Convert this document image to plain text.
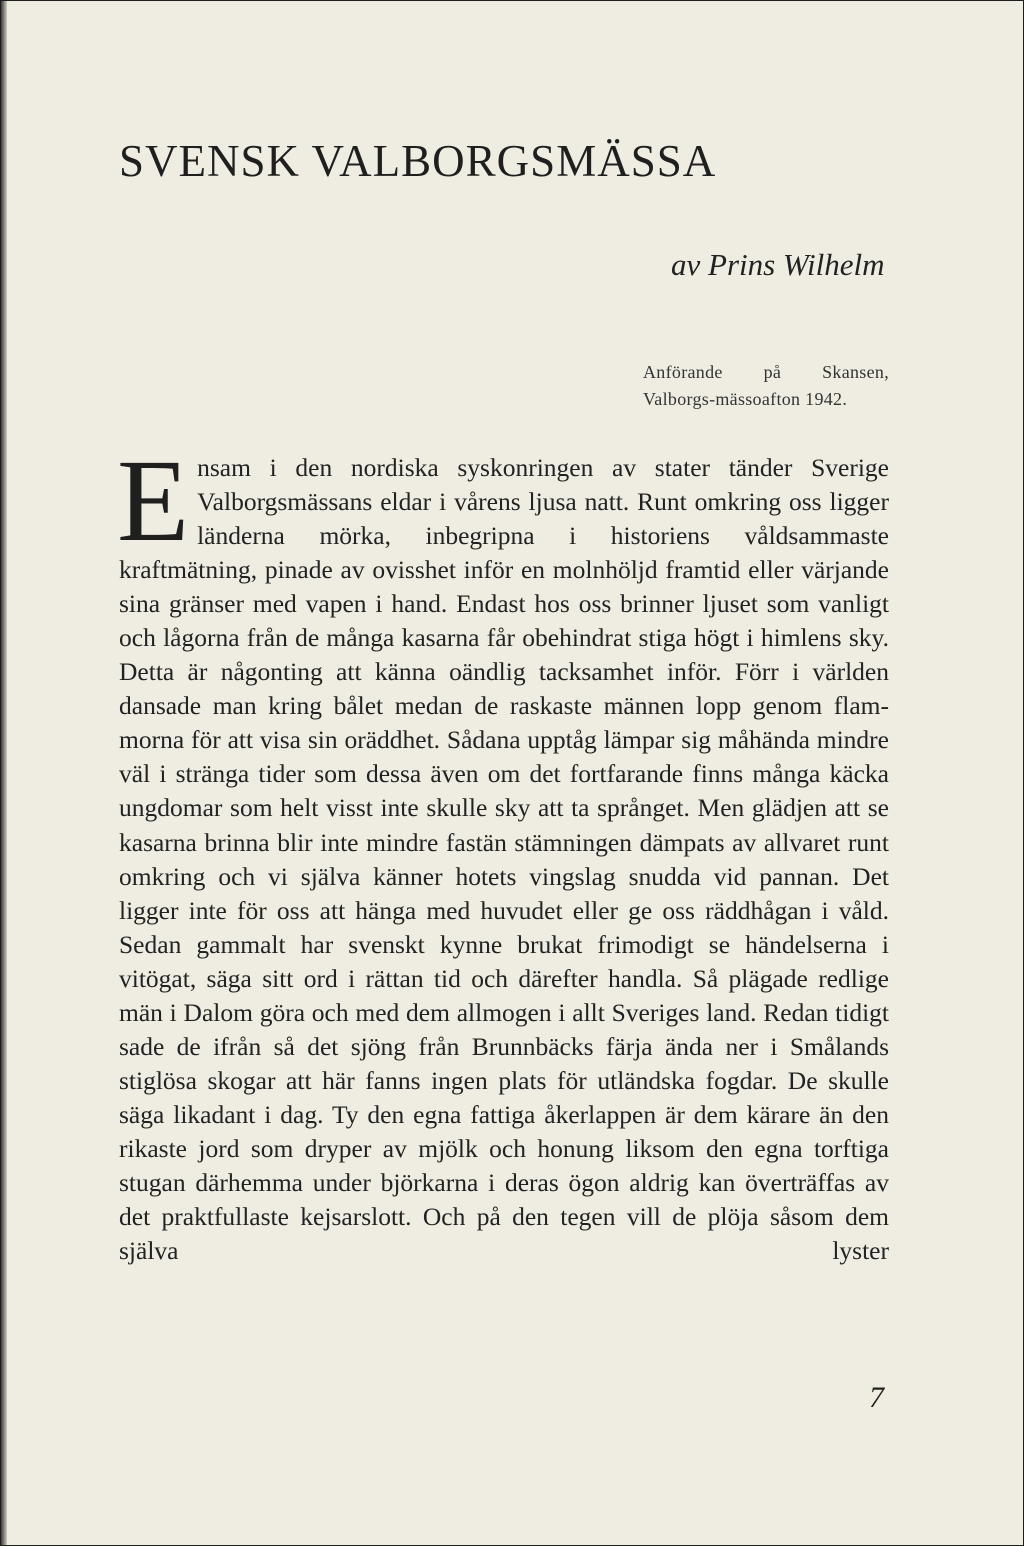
SVENSK VALBORGSMÄSSA
av Prins Wilhelm
Anförande på Skansen, Valborgs-mässoafton 1942.

Ensam i den nordiska syskonringen av stater tänder Sverige Valborgsmässans eldar i vårens ljusa natt. Runt omkring oss ligger länderna mörka, inbegripna i historiens våldsammaste kraftmätning, pinade av ovisshet inför en molnhöljd framtid eller värjande sina gränser med vapen i hand. Endast hos oss brinner ljuset som vanligt och lågorna från de många kasarna får obehindrat stiga högt i himlens sky. Detta är någonting att känna oändlig tacksamhet inför. Förr i världen dansade man kring bålet medan de raskaste männen lopp genom flammorna för att visa sin oräddhet. Sådana upptåg lämpar sig måhända mindre väl i stränga tider som dessa även om det fortfarande finns många käcka ungdomar som helt visst inte skulle sky att ta språnget. Men glädjen att se kasarna brinna blir inte mindre fastän stämningen dämpats av allvaret runt omkring och vi själva känner hotets vingslag snudda vid pannan. Det ligger inte för oss att hänga med huvudet eller ge oss räddhågan i våld. Sedan gammalt har svenskt kynne brukat frimodigt se händelserna i vitögat, säga sitt ord i rättan tid och därefter handla. Så plägade redlige män i Dalom göra och med dem allmogen i allt Sveriges land. Redan tidigt sade de ifrån så det sjöng från Brunnbäcks färja ända ner i Smålands stiglösa skogar att här fanns ingen plats för utländska fogdar. De skulle säga likadant i dag. Ty den egna fattiga åkerlappen är dem kärare än den rikaste jord som dryper av mjölk och honung liksom den egna torftiga stugan därhemma under björkarna i deras ögon aldrig kan överträffas av det praktfullaste kejsarslott. Och på den tegen vill de plöja såsom dem själva lyster

7
